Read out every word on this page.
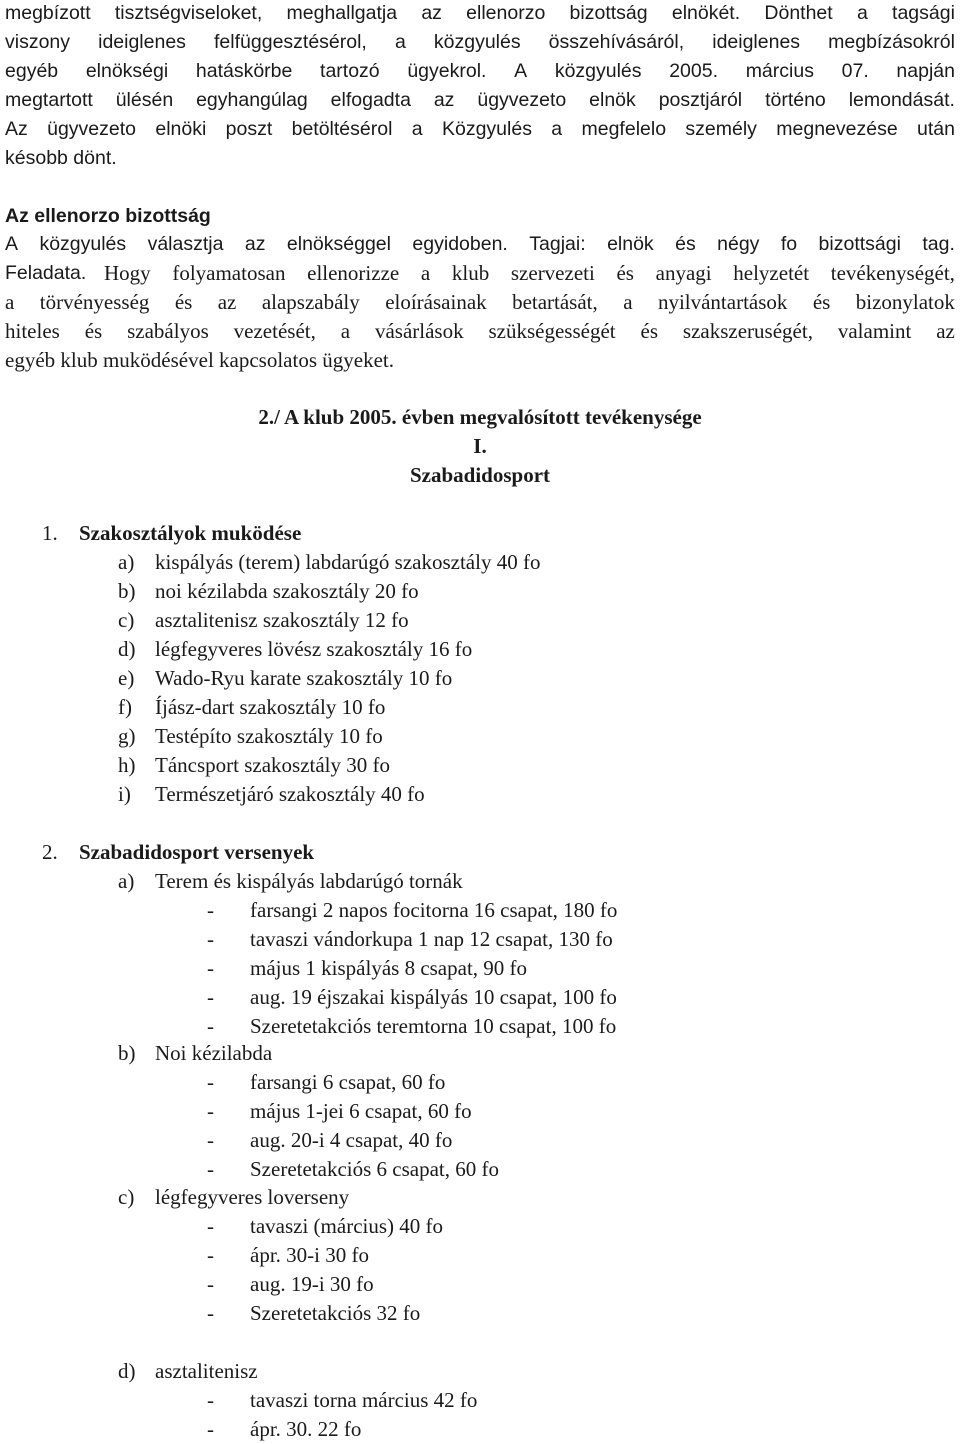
megbízott tisztségviseloket, meghallgatja az ellenorzo bizottság elnökét. Dönthet a tagsági
viszony ideiglenes felfüggesztésérol, a közgyulés összehívásáról, ideiglenes megbízásokról
egyéb elnökségi hatáskörbe tartozó ügyekrol. A közgyulés 2005. március 07. napján
megtartott ülésén egyhangúlag elfogadta az ügyvezeto elnök posztjáról történo lemondását.
Az ügyvezeto elnöki poszt betöltésérol a Közgyulés a megfelelo személy megnevezése után
késobb dönt.
Az ellenorzo bizottság
A közgyulés választja az elnökséggel egyidoben. Tagjai: elnök és négy fo bizottsági tag.
Feladata. Hogy folyamatosan ellenorizze a klub szervezeti és anyagi helyzetét tevékenységét,
a törvényesség és az alapszabály eloírásainak betartását, a nyilvántartások és bizonylatok
hiteles és szabályos vezetését, a vásárlások szükségességét és szakszeruségét, valamint az
egyéb klub muködésével kapcsolatos ügyeket.
2./ A klub 2005. évben megvalósított tevékenysége
I.
Szabadidosport
1. Szakosztályok muködése
a) kispályás (terem) labdarúgó szakosztály 40 fo
b) noi kézilabda szakosztály 20 fo
c) asztalitenisz szakosztály 12 fo
d) légfegyveres lövész szakosztály 16 fo
e) Wado-Ryu karate szakosztály 10 fo
f) Íjász-dart szakosztály 10 fo
g) Testépíto szakosztály 10 fo
h) Táncsport szakosztály 30 fo
i) Természetjáró szakosztály 40 fo
2. Szabadidosport versenyek
a) Terem és kispályás labdarúgó tornák
- farsangi 2 napos focitorna 16 csapat, 180 fo
- tavaszi vándorkupa 1 nap 12 csapat, 130 fo
- május 1 kispályás 8 csapat, 90 fo
- aug. 19 éjszakai kispályás 10 csapat, 100 fo
- Szeretetakciós teremtorna 10 csapat, 100 fo
b) Noi kézilabda
- farsangi 6 csapat, 60 fo
- május 1-jei 6 csapat, 60 fo
- aug. 20-i 4 csapat, 40 fo
- Szeretetakciós 6 csapat, 60 fo
c) légfegyveres loverseny
- tavaszi (március) 40 fo
- ápr. 30-i 30 fo
- aug. 19-i 30 fo
- Szeretetakciós 32 fo
d) asztalitenisz
- tavaszi torna március 42 fo
- ápr. 30. 22 fo
